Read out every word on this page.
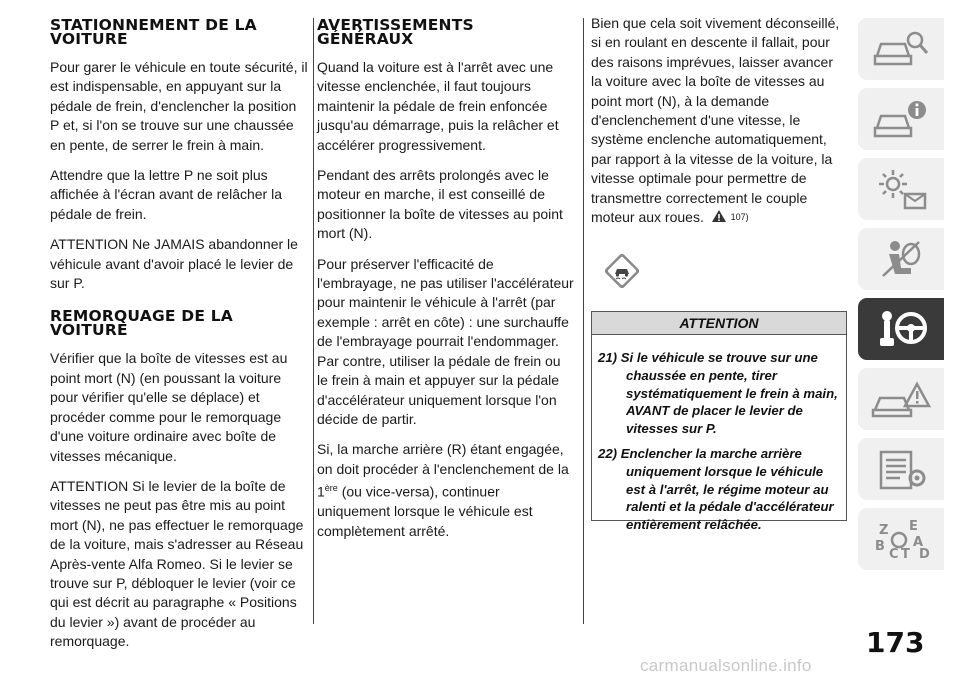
STATIONNEMENT DE LA VOITURE

Pour garer le véhicule en toute sécurité, il est indispensable, en appuyant sur la pédale de frein, d'enclencher la position P et, si l'on se trouve sur une chaussée en pente, de serrer le frein à main.

Attendre que la lettre P ne soit plus affichée à l'écran avant de relâcher la pédale de frein.

ATTENTION Ne JAMAIS abandonner le véhicule avant d'avoir placé le levier de sur P.

REMORQUAGE DE LA VOITURE

Vérifier que la boîte de vitesses est au point mort (N) (en poussant la voiture pour vérifier qu'elle se déplace) et procéder comme pour le remorquage d'une voiture ordinaire avec boîte de vitesses mécanique.

ATTENTION Si le levier de la boîte de vitesses ne peut pas être mis au point mort (N), ne pas effectuer le remorquage de la voiture, mais s'adresser au Réseau Après-vente Alfa Romeo. Si le levier se trouve sur P, débloquer le levier (voir ce qui est décrit au paragraphe « Positions du levier ») avant de procéder au remorquage.

AVERTISSEMENTS GÉNÉRAUX

Quand la voiture est à l'arrêt avec une vitesse enclenchée, il faut toujours maintenir la pédale de frein enfoncée jusqu'au démarrage, puis la relâcher et accélérer progressivement.

Pendant des arrêts prolongés avec le moteur en marche, il est conseillé de positionner la boîte de vitesses au point mort (N).

Pour préserver l'efficacité de l'embrayage, ne pas utiliser l'accélérateur pour maintenir le véhicule à l'arrêt (par exemple : arrêt en côte) : une surchauffe de l'embrayage pourrait l'endommager. Par contre, utiliser la pédale de frein ou le frein à main et appuyer sur la pédale d'accélérateur uniquement lorsque l'on décide de partir.

Si, la marche arrière (R) étant engagée, on doit procéder à l'enclenchement de la 1ère (ou vice-versa), continuer uniquement lorsque le véhicule est complètement arrêté.

Bien que cela soit vivement déconseillé, si en roulant en descente il fallait, pour des raisons imprévues, laisser avancer la voiture avec la boîte de vitesses au point mort (N), à la demande d'enclenchement d'une vitesse, le système enclenche automatiquement, par rapport à la vitesse de la voiture, la vitesse optimale pour permettre de transmettre correctement le couple moteur aux roues.	107)

ATTENTION

21) Si le véhicule se trouve sur une chaussée en pente, tirer systématiquement le frein à main, AVANT de placer le levier de vitesses sur P.

22) Enclencher la marche arrière uniquement lorsque le véhicule est à l'arrêt, le régime moteur au ralenti et la pédale d'accélérateur entièrement relâchée.	Z E
A
B
C T D
173
carmanualsonline.info
